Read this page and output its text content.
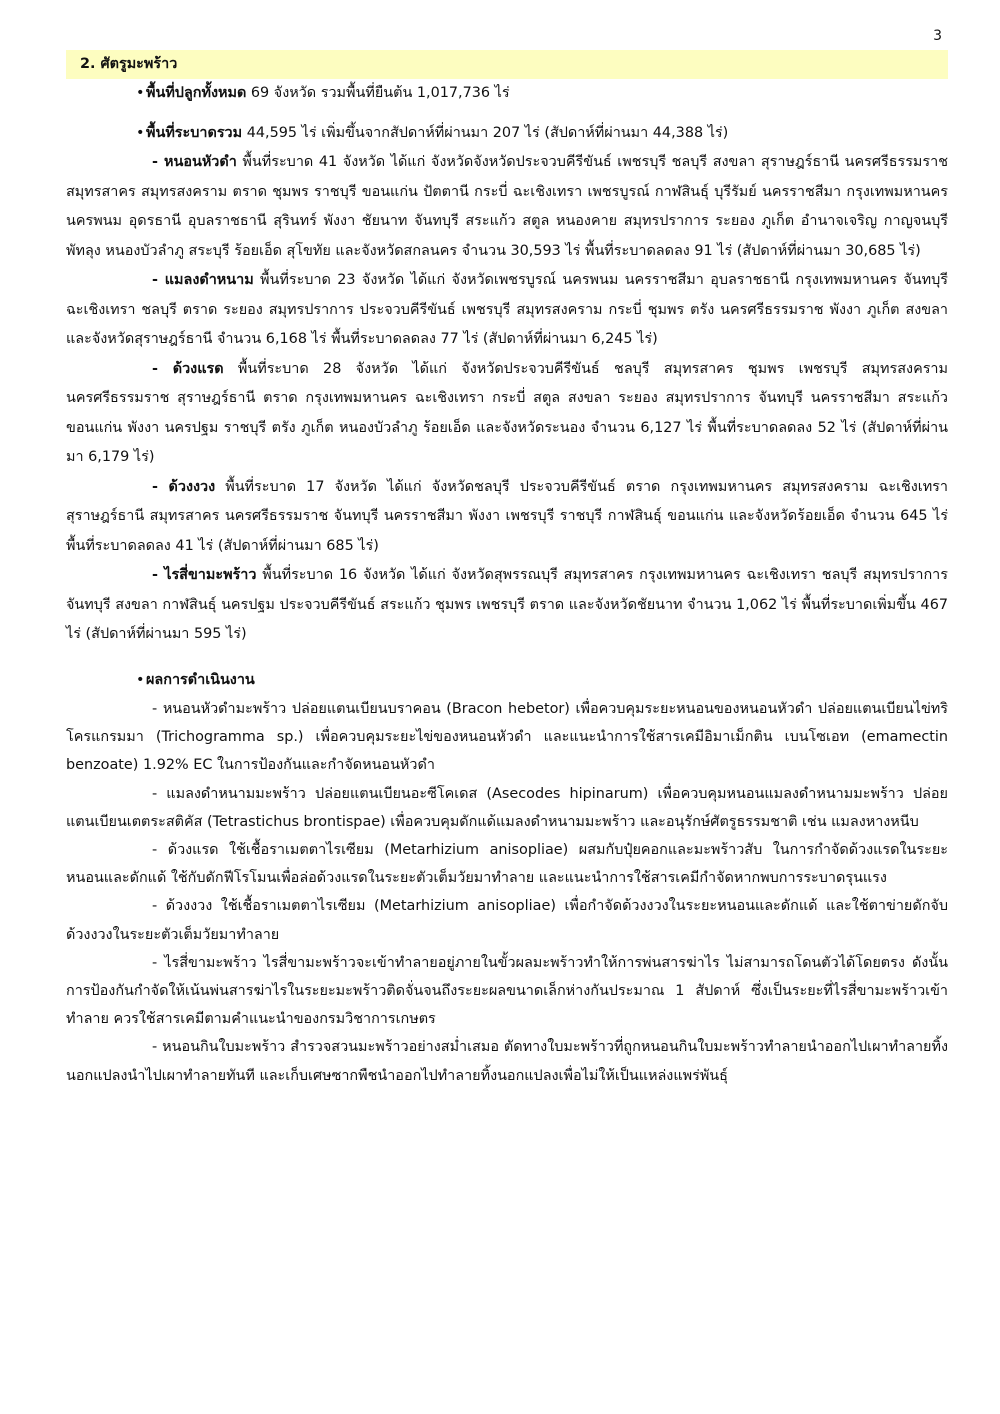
3
2. ศัตรูมะพร้าว

• พื้นที่ปลูกทั้งหมด 69 จังหวัด รวมพื้นที่ยืนต้น 1,017,736 ไร่

• พื้นที่ระบาดรวม 44,595 ไร่ เพิ่มขึ้นจากสัปดาห์ที่ผ่านมา 207 ไร่ (สัปดาห์ที่ผ่านมา 44,388 ไร่)

- หนอนหัวดำ พื้นที่ระบาด 41 จังหวัด ได้แก่ จังหวัดจังหวัดประจวบคีรีขันธ์ เพชรบุรี ชลบุรี สงขลา สุราษฎร์ธานี นครศรีธรรมราช สมุทรสาคร สมุทรสงคราม ตราด ชุมพร ราชบุรี ขอนแก่น ปัตตานี กระบี่ ฉะเชิงเทรา เพชรบูรณ์ กาฬสินธุ์ บุรีรัมย์ นครราชสีมา กรุงเทพมหานคร นครพนม อุดรธานี อุบลราชธานี สุรินทร์ พังงา ชัยนาท จันทบุรี สระแก้ว สตูล หนองคาย สมุทรปราการ ระยอง ภูเก็ต อำนาจเจริญ กาญจนบุรี พัทลุง หนองบัวลำภู สระบุรี ร้อยเอ็ด สุโขทัย และจังหวัดสกลนคร จำนวน 30,593 ไร่ พื้นที่ระบาดลดลง 91 ไร่ (สัปดาห์ที่ผ่านมา 30,685 ไร่)

- แมลงดำหนาม พื้นที่ระบาด 23 จังหวัด ได้แก่ จังหวัดเพชรบูรณ์ นครพนม นครราชสีมา อุบลราชธานี กรุงเทพมหานคร จันทบุรี ฉะเชิงเทรา ชลบุรี ตราด ระยอง สมุทรปราการ ประจวบคีรีขันธ์ เพชรบุรี สมุทรสงคราม กระบี่ ชุมพร ตรัง นครศรีธรรมราช พังงา ภูเก็ต สงขลา และจังหวัดสุราษฎร์ธานี จำนวน 6,168 ไร่ พื้นที่ระบาดลดลง 77 ไร่ (สัปดาห์ที่ผ่านมา 6,245 ไร่)

- ด้วงแรด พื้นที่ระบาด 28 จังหวัด ได้แก่ จังหวัดประจวบคีรีขันธ์ ชลบุรี สมุทรสาคร ชุมพร เพชรบุรี สมุทรสงคราม นครศรีธรรมราช สุราษฎร์ธานี ตราด กรุงเทพมหานคร ฉะเชิงเทรา กระบี่ สตูล สงขลา ระยอง สมุทรปราการ จันทบุรี นครราชสีมา สระแก้ว ขอนแก่น พังงา นครปฐม ราชบุรี ตรัง ภูเก็ต หนองบัวลำภู ร้อยเอ็ด และจังหวัดระนอง จำนวน 6,127 ไร่ พื้นที่ระบาดลดลง 52 ไร่ (สัปดาห์ที่ผ่านมา 6,179 ไร่)

- ด้วงงวง พื้นที่ระบาด 17 จังหวัด ได้แก่ จังหวัดชลบุรี ประจวบคีรีขันธ์ ตราด กรุงเทพมหานคร สมุทรสงคราม ฉะเชิงเทรา สุราษฎร์ธานี สมุทรสาคร นครศรีธรรมราช จันทบุรี นครราชสีมา พังงา เพชรบุรี ราชบุรี กาฬสินธุ์ ขอนแก่น และจังหวัดร้อยเอ็ด จำนวน 645 ไร่ พื้นที่ระบาดลดลง 41 ไร่ (สัปดาห์ที่ผ่านมา 685 ไร่)

- ไรสี่ขามะพร้าว พื้นที่ระบาด 16 จังหวัด ได้แก่ จังหวัดสุพรรณบุรี สมุทรสาคร กรุงเทพมหานคร ฉะเชิงเทรา ชลบุรี สมุทรปราการ จันทบุรี สงขลา กาฬสินธุ์ นครปฐม ประจวบคีรีขันธ์ สระแก้ว ชุมพร เพชรบุรี ตราด และจังหวัดชัยนาท จำนวน 1,062 ไร่ พื้นที่ระบาดเพิ่มขึ้น 467 ไร่ (สัปดาห์ที่ผ่านมา 595 ไร่)

• ผลการดำเนินงาน

- หนอนหัวดำมะพร้าว ปล่อยแตนเบียนบราคอน (Bracon hebetor) เพื่อควบคุมระยะหนอนของหนอนหัวดำ ปล่อยแตนเบียนไข่ทริโครแกรมมา (Trichogramma sp.) เพื่อควบคุมระยะไข่ของหนอนหัวดำ และแนะนำการใช้สารเคมีอิมาเม็กติน เบนโซเอท (emamectin benzoate) 1.92% EC ในการป้องกันและกำจัดหนอนหัวดำ

- แมลงดำหนามมะพร้าว ปล่อยแตนเบียนอะซีโคเดส (Asecodes hipinarum) เพื่อควบคุมหนอนแมลงดำหนามมะพร้าว ปล่อยแตนเบียนเตตระสติคัส (Tetrastichus brontispae) เพื่อควบคุมดักแด้แมลงดำหนามมะพร้าว และอนุรักษ์ศัตรูธรรมชาติ เช่น แมลงหางหนีบ

- ด้วงแรด ใช้เชื้อราเมตตาไรเซียม (Metarhizium anisopliae) ผสมกับปุ๋ยคอกและมะพร้าวสับ ในการกำจัดด้วงแรดในระยะหนอนและดักแด้ ใช้กับดักฟีโรโมนเพื่อล่อด้วงแรดในระยะตัวเต็มวัยมาทำลาย และแนะนำการใช้สารเคมีกำจัดหากพบการระบาดรุนแรง

- ด้วงงวง ใช้เชื้อราเมตตาไรเซียม (Metarhizium anisopliae) เพื่อกำจัดด้วงงวงในระยะหนอนและดักแด้ และใช้ตาข่ายดักจับด้วงงวงในระยะตัวเต็มวัยมาทำลาย

- ไรสี่ขามะพร้าว ไรสี่ขามะพร้าวจะเข้าทำลายอยู่ภายในขั้วผลมะพร้าวทำให้การพ่นสารฆ่าไร ไม่สามารถโดนตัวได้โดยตรง ดังนั้นการป้องกันกำจัดให้เน้นพ่นสารฆ่าไรในระยะมะพร้าวติดจั่นจนถึงระยะผลขนาดเล็กห่างกันประมาณ 1 สัปดาห์ ซึ่งเป็นระยะที่ไรสี่ขามะพร้าวเข้าทำลาย ควรใช้สารเคมีตามคำแนะนำของกรมวิชาการเกษตร

- หนอนกินใบมะพร้าว สำรวจสวนมะพร้าวอย่างสม่ำเสมอ ตัดทางใบมะพร้าวที่ถูกหนอนกินใบมะพร้าวทำลายนำออกไปเผาทำลายทิ้งนอกแปลงนำไปเผาทำลายทันที และเก็บเศษซากพืชนำออกไปทำลายทิ้งนอกแปลงเพื่อไม่ให้เป็นแหล่งแพร่พันธุ์
